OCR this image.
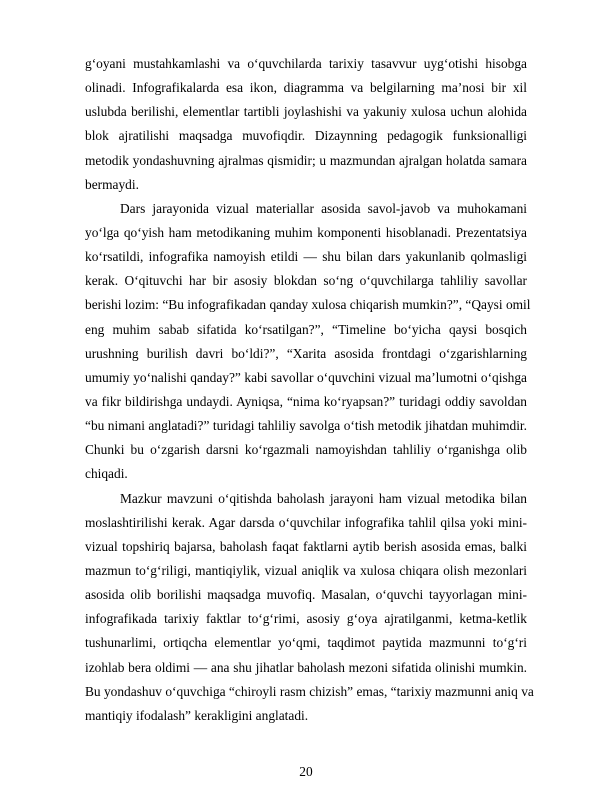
g‘oyani mustahkamlashi va o‘quvchilarda tarixiy tasavvur uyg‘otishi hisobga
olinadi. Infografikalarda esa ikon, diagramma va belgilarning ma’nosi bir xil
uslubda berilishi, elementlar tartibli joylashishi va yakuniy xulosa uchun alohida
blok ajratilishi maqsadga muvofiqdir. Dizaynning pedagogik funksionalligi
metodik yondashuvning ajralmas qismidir; u mazmundan ajralgan holatda samara
bermaydi.
Dars jarayonida vizual materiallar asosida savol-javob va muhokamani
yo‘lga qo‘yish ham metodikaning muhim komponenti hisoblanadi. Prezentatsiya
ko‘rsatildi, infografika namoyish etildi — shu bilan dars yakunlanib qolmasligi
kerak. O‘qituvchi har bir asosiy blokdan so‘ng o‘quvchilarga tahliliy savollar
berishi lozim: “Bu infografikadan qanday xulosa chiqarish mumkin?”, “Qaysi omil
eng muhim sabab sifatida ko‘rsatilgan?”, “Timeline bo‘yicha qaysi bosqich
urushning burilish davri bo‘ldi?”, “Xarita asosida frontdagi o‘zgarishlarning
umumiy yo‘nalishi qanday?” kabi savollar o‘quvchini vizual ma’lumotni o‘qishga
va fikr bildirishga undaydi. Ayniqsa, “nima ko‘ryapsan?” turidagi oddiy savoldan
“bu nimani anglatadi?” turidagi tahliliy savolga o‘tish metodik jihatdan muhimdir.
Chunki bu o‘zgarish darsni ko‘rgazmali namoyishdan tahliliy o‘rganishga olib
chiqadi.
Mazkur mavzuni o‘qitishda baholash jarayoni ham vizual metodika bilan
moslashtirilishi kerak. Agar darsda o‘quvchilar infografika tahlil qilsa yoki mini-
vizual topshiriq bajarsa, baholash faqat faktlarni aytib berish asosida emas, balki
mazmun to‘g‘riligi, mantiqiylik, vizual aniqlik va xulosa chiqara olish mezonlari
asosida olib borilishi maqsadga muvofiq. Masalan, o‘quvchi tayyorlagan mini-
infografikada tarixiy faktlar to‘g‘rimi, asosiy g‘oya ajratilganmi, ketma-ketlik
tushunarlimi, ortiqcha elementlar yo‘qmi, taqdimot paytida mazmunni to‘g‘ri
izohlab bera oldimi — ana shu jihatlar baholash mezoni sifatida olinishi mumkin.
Bu yondashuv o‘quvchiga “chiroyli rasm chizish” emas, “tarixiy mazmunni aniq va
mantiqiy ifodalash” kerakligini anglatadi.
20
